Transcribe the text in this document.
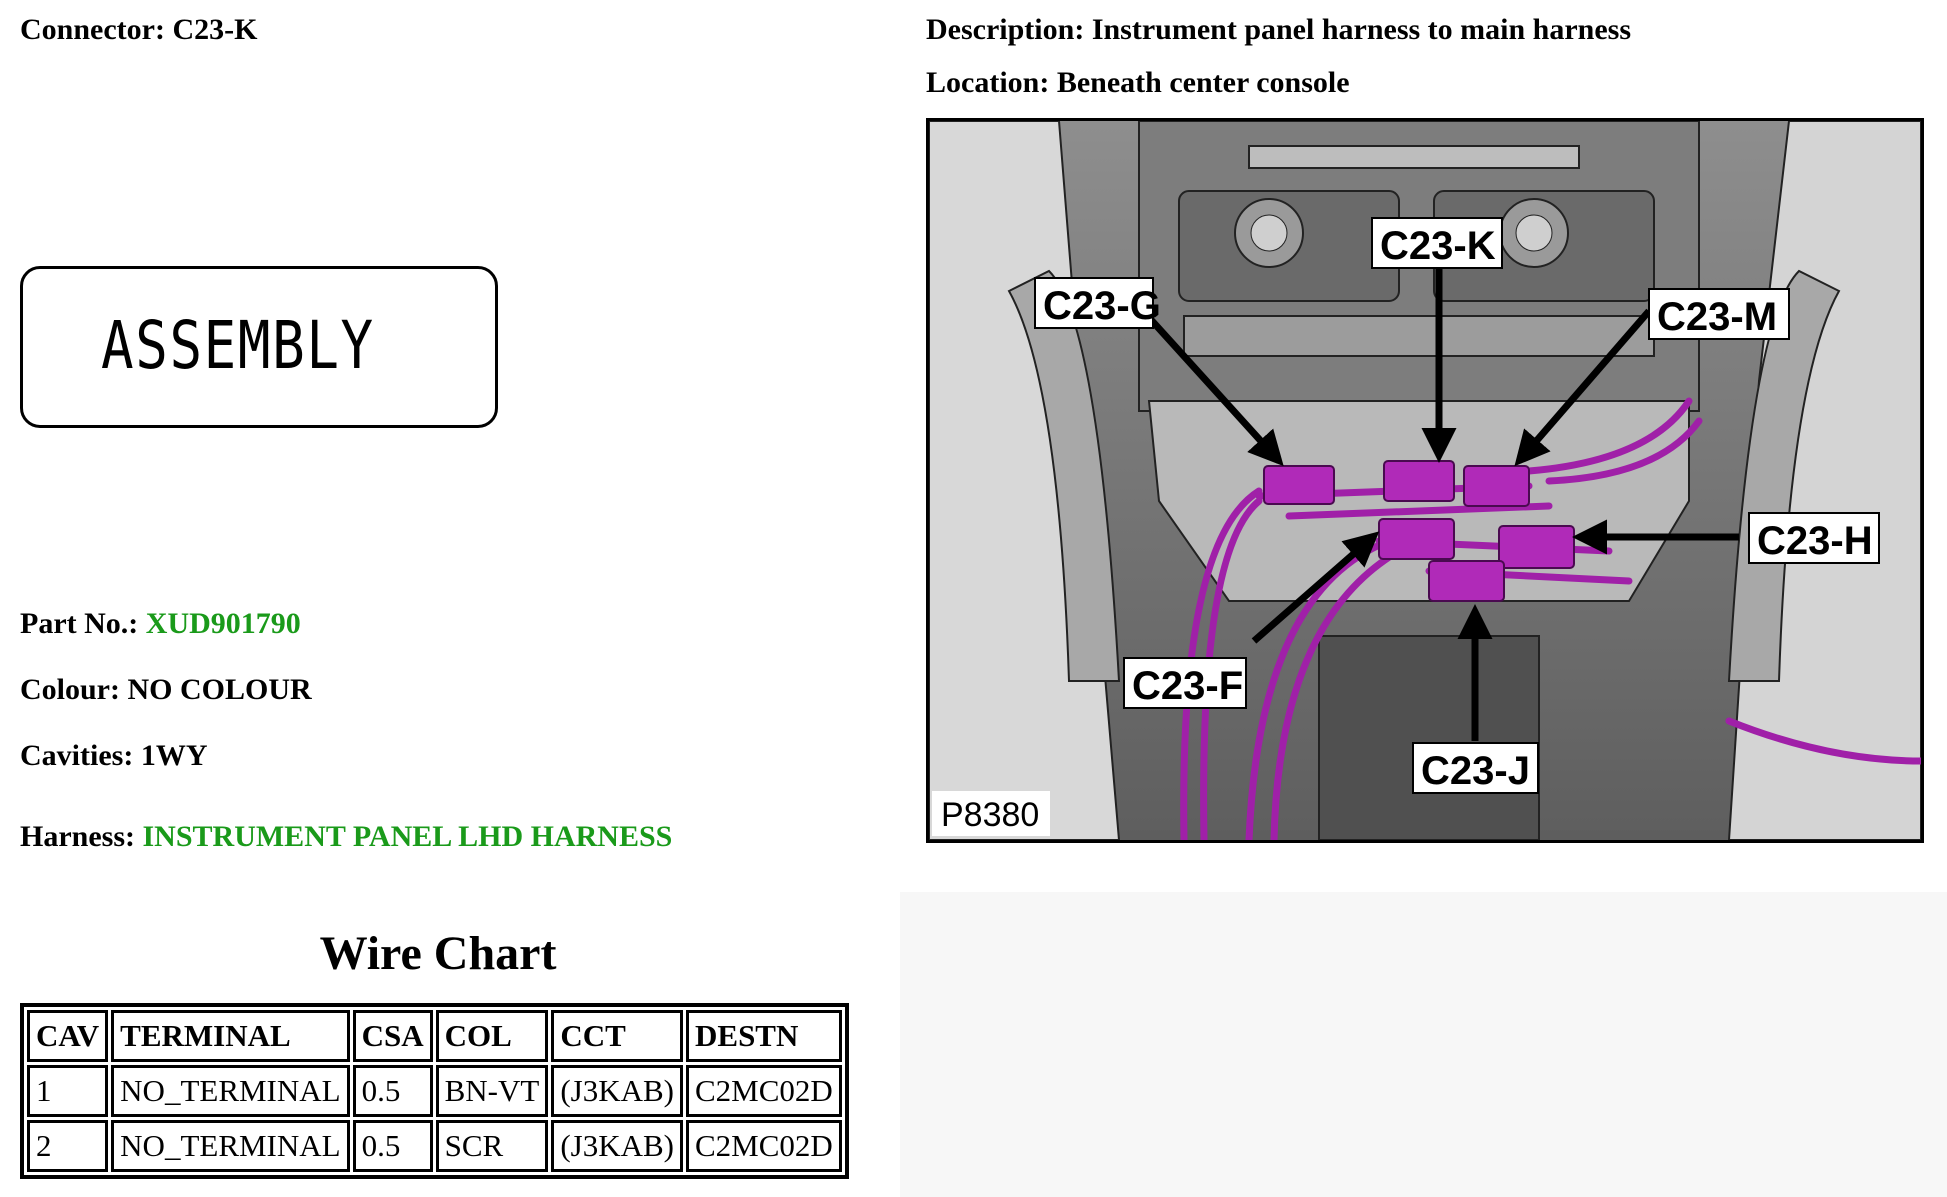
Connector: C23-K
ASSEMBLY
Part No.: XUD901790
Colour: NO COLOUR
Cavities: 1WY
Harness: INSTRUMENT PANEL LHD HARNESS
Wire Chart
CAV	TERMINAL	CSA	COL	CCT	DESTN
1	NO_TERMINAL	0.5	BN-VT	(J3KAB)	C2MC02D
2	NO_TERMINAL	0.5	SCR	(J3KAB)	C2MC02D
Description: Instrument panel harness to main harness
Location: Beneath center console
C23-G
C23-K
C23-M
C23-H
C23-F
C23-J
P8380
